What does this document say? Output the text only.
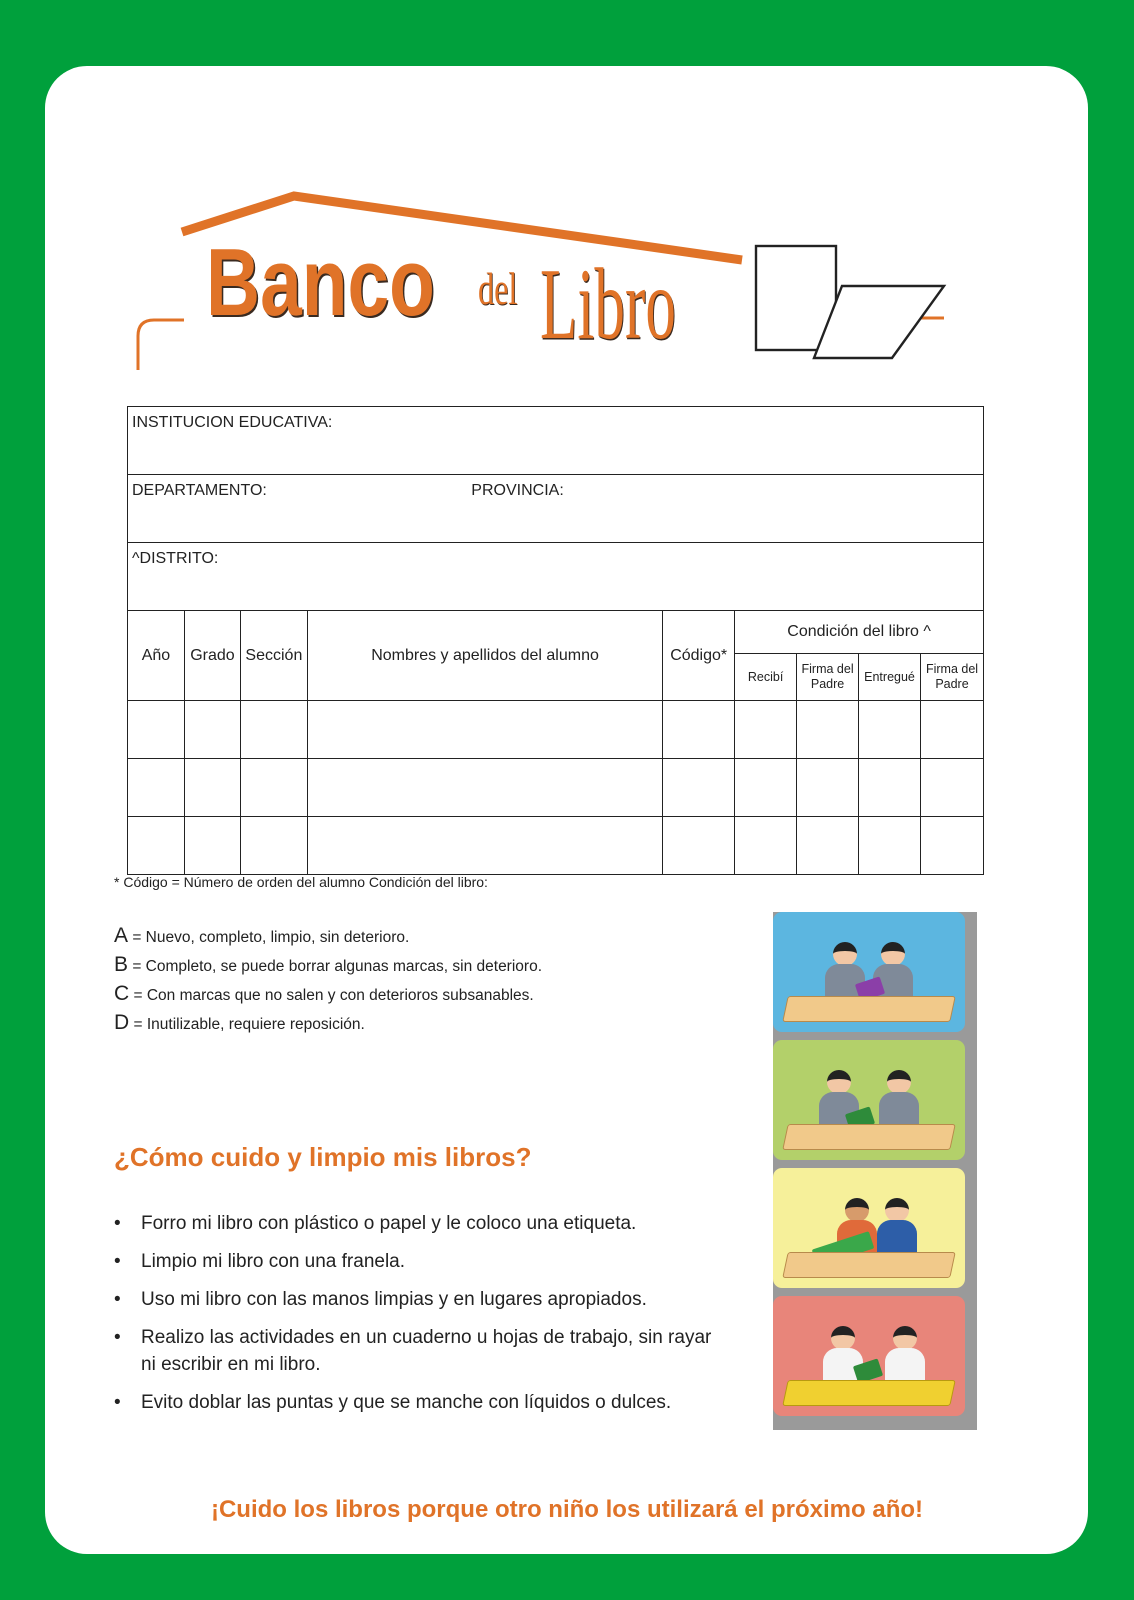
Banco del Libro
INSTITUCION EDUCATIVA:								
DEPARTAMENTO: PROVINCIA:								
^DISTRITO:								
Año	Grado	Sección	Nombres y apellidos del alumno	Código*	Condición del libro ^			
					Recibí	Firma del Padre	Entregué	Firma del Padre

* Código = Número de orden del alumno Condición del libro:
A = Nuevo, completo, limpio, sin deterioro.
B = Completo, se puede borrar algunas marcas, sin deterioro.
C = Con marcas que no salen y con deterioros subsanables.
D = Inutilizable, requiere reposición.
¿Cómo cuido y limpio mis libros?
• Forro mi libro con plástico o papel y le coloco una etiqueta.
• Limpio mi libro con una franela.
• Uso mi libro con las manos limpias y en lugares apropiados.
• Realizo las actividades en un cuaderno u hojas de trabajo, sin rayar ni escribir en mi libro.
• Evito doblar las puntas y que se manche con líquidos o dulces.
¡Cuido los libros porque otro niño los utilizará el próximo año!
